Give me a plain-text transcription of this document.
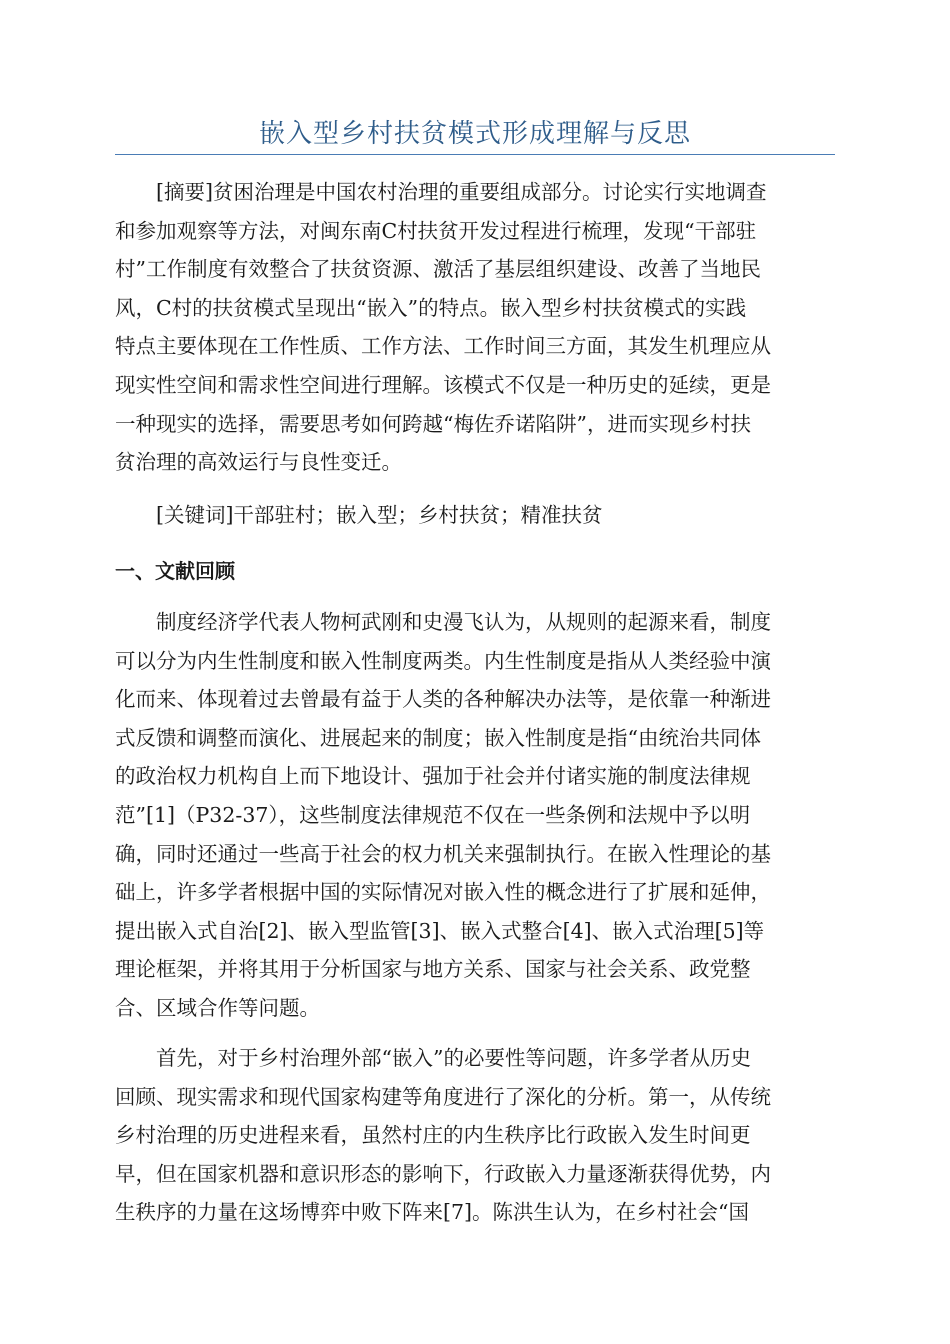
嵌入型乡村扶贫模式形成理解与反思
[摘要]贫困治理是中国农村治理的重要组成部分。讨论实行实地调查
和参加观察等方法，对闽东南C村扶贫开发过程进行梳理，发现“干部驻
村”工作制度有效整合了扶贫资源、激活了基层组织建设、改善了当地民
风，C村的扶贫模式呈现出“嵌入”的特点。嵌入型乡村扶贫模式的实践
特点主要体现在工作性质、工作方法、工作时间三方面，其发生机理应从
现实性空间和需求性空间进行理解。该模式不仅是一种历史的延续，更是
一种现实的选择，需要思考如何跨越“梅佐乔诺陷阱”，进而实现乡村扶
贫治理的高效运行与良性变迁。
[关键词]干部驻村；嵌入型；乡村扶贫；精准扶贫
一、文献回顾
制度经济学代表人物柯武刚和史漫飞认为，从规则的起源来看，制度
可以分为内生性制度和嵌入性制度两类。内生性制度是指从人类经验中演
化而来、体现着过去曾最有益于人类的各种解决办法等，是依靠一种渐进
式反馈和调整而演化、进展起来的制度；嵌入性制度是指“由统治共同体
的政治权力机构自上而下地设计、强加于社会并付诸实施的制度法律规
范”[1]（P32-37），这些制度法律规范不仅在一些条例和法规中予以明
确，同时还通过一些高于社会的权力机关来强制执行。在嵌入性理论的基
础上，许多学者根据中国的实际情况对嵌入性的概念进行了扩展和延伸，
提出嵌入式自治[2]、嵌入型监管[3]、嵌入式整合[4]、嵌入式治理[5]等
理论框架，并将其用于分析国家与地方关系、国家与社会关系、政党整
合、区域合作等问题。
首先，对于乡村治理外部“嵌入”的必要性等问题，许多学者从历史
回顾、现实需求和现代国家构建等角度进行了深化的分析。第一，从传统
乡村治理的历史进程来看，虽然村庄的内生秩序比行政嵌入发生时间更
早，但在国家机器和意识形态的影响下，行政嵌入力量逐渐获得优势，内
生秩序的力量在这场博弈中败下阵来[7]。陈洪生认为，在乡村社会“国
